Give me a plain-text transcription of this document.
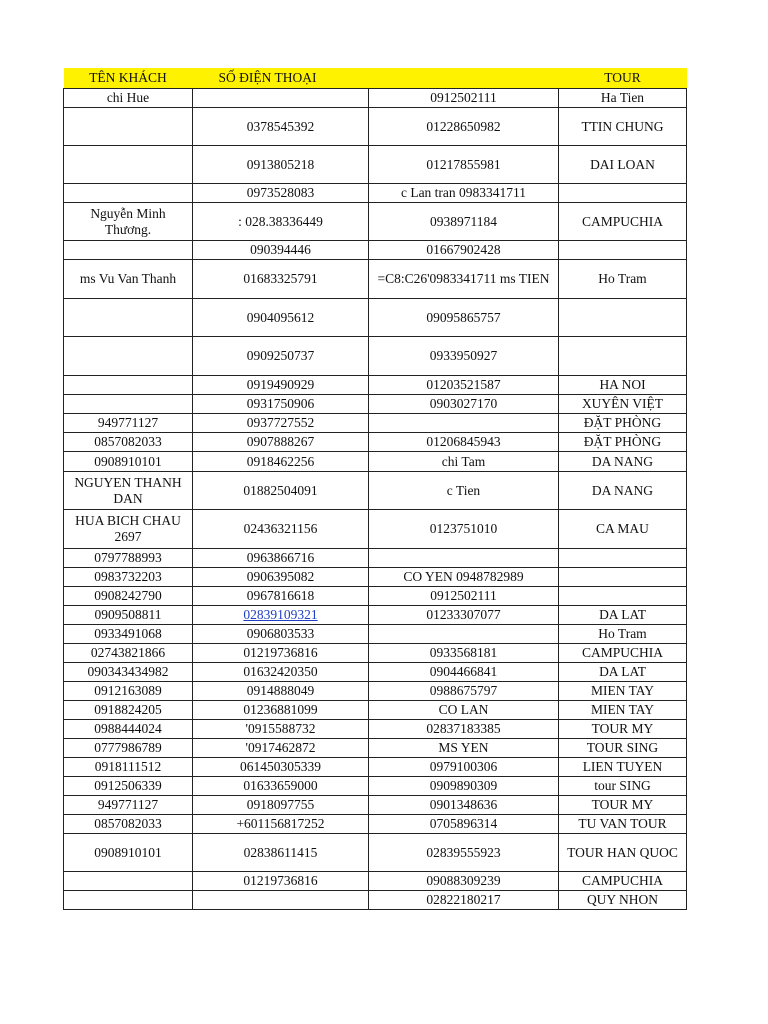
TÊN KHÁCH	SỐ ĐIỆN THOẠI		TOUR
chi Hue		0912502111	Ha Tien
	0378545392	01228650982	TTIN CHUNG
	0913805218	01217855981	DAI LOAN
	0973528083	c Lan tran 0983341711	
Nguyễn Minh Thương.	: 028.38336449	0938971184	CAMPUCHIA
	090394446	01667902428	
ms Vu Van Thanh	01683325791	=C8:C26'0983341711 ms TIEN	Ho Tram
	0904095612	09095865757	
	0909250737	0933950927	
	0919490929	01203521587	HA NOI
	0931750906	0903027170	XUYÊN VIỆT
949771127	0937727552		ĐẶT PHÒNG
0857082033	0907888267	01206845943	ĐẶT PHÒNG
0908910101	0918462256	chi Tam	DA NANG
NGUYEN THANH DAN	01882504091	c Tien	DA NANG
HUA BICH CHAU 2697	02436321156	0123751010	CA MAU
0797788993	0963866716		
0983732203	0906395082	CO YEN 0948782989	
0908242790	0967816618	0912502111	
0909508811	02839109321	01233307077	DA LAT
0933491068	0906803533		Ho Tram
02743821866	01219736816	0933568181	CAMPUCHIA
090343434982	01632420350	0904466841	DA LAT
0912163089	0914888049	0988675797	MIEN TAY
0918824205	01236881099	CO LAN	MIEN TAY
0988444024	'0915588732	02837183385	TOUR MY
0777986789	'0917462872	MS YEN	TOUR SING
0918111512	061450305339	0979100306	LIEN TUYEN
0912506339	01633659000	0909890309	tour SING
949771127	0918097755	0901348636	TOUR MY
0857082033	+601156817252	0705896314	TU VAN TOUR
0908910101	02838611415	02839555923	TOUR HAN QUOC
	01219736816	09088309239	CAMPUCHIA
		02822180217	QUY NHON
